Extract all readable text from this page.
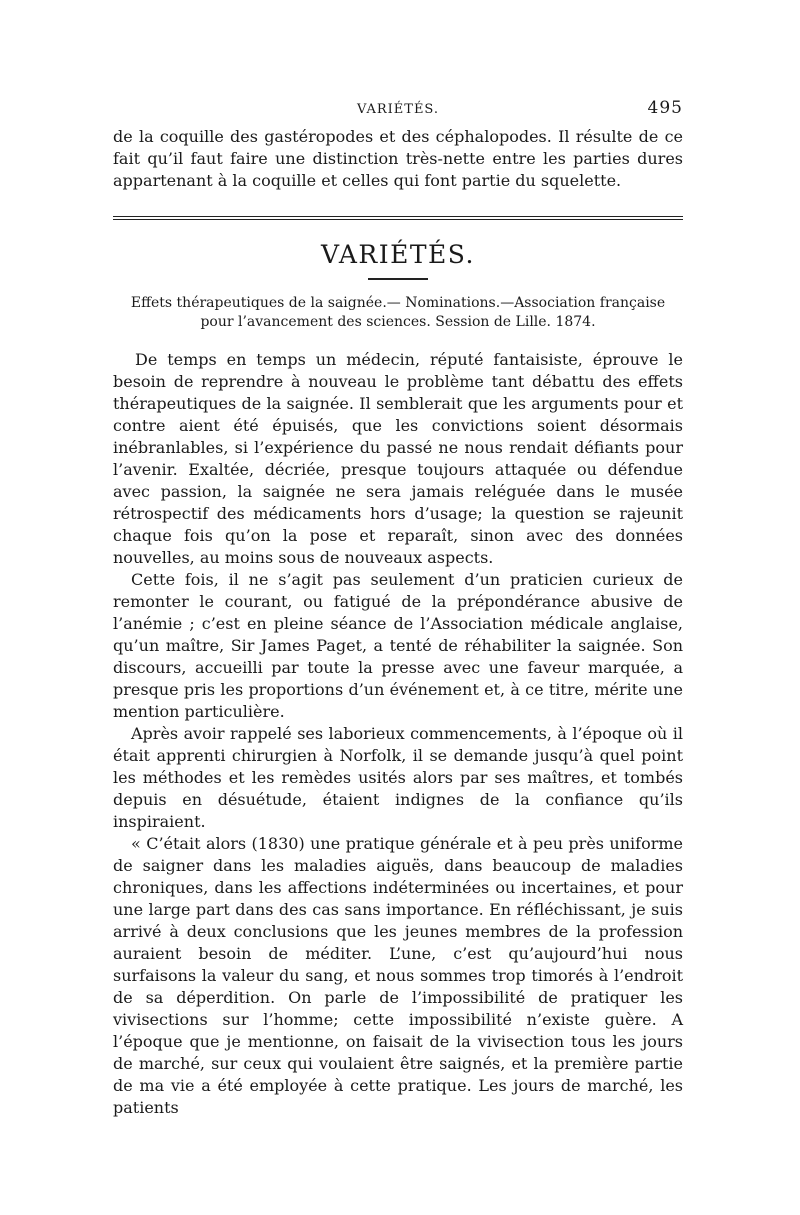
VARIÉTÉS.	495

de la coquille des gastéropodes et des céphalopodes. Il résulte de ce fait qu’il faut faire une distinction très-nette entre les parties dures appartenant à la coquille et celles qui font partie du squelette.

VARIÉTÉS.
Effets thérapeutiques de la saignée.— Nominations.—Association française pour l’avancement des sciences. Session de Lille. 1874.

De temps en temps un médecin, réputé fantaisiste, éprouve le besoin de reprendre à nouveau le problème tant débattu des effets thérapeutiques de la saignée. Il semblerait que les arguments pour et contre aient été épuisés, que les convictions soient désormais inébranlables, si l’expérience du passé ne nous rendait défiants pour l’avenir. Exaltée, décriée, presque toujours attaquée ou défendue avec passion, la saignée ne sera jamais reléguée dans le musée rétrospectif des médicaments hors d’usage; la question se rajeunit chaque fois qu’on la pose et reparaît, sinon avec des données nouvelles, au moins sous de nouveaux aspects.

Cette fois, il ne s’agit pas seulement d’un praticien curieux de remonter le courant, ou fatigué de la prépondérance abusive de l’anémie ; c’est en pleine séance de l’Association médicale anglaise, qu’un maître, Sir James Paget, a tenté de réhabiliter la saignée. Son discours, accueilli par toute la presse avec une faveur marquée, a presque pris les proportions d’un événement et, à ce titre, mérite une mention particulière.

Après avoir rappelé ses laborieux commencements, à l’époque où il était apprenti chirurgien à Norfolk, il se demande jusqu’à quel point les méthodes et les remèdes usités alors par ses maîtres, et tombés depuis en désuétude, étaient indignes de la confiance qu’ils inspiraient.

« C’était alors (1830) une pratique générale et à peu près uniforme de saigner dans les maladies aiguës, dans beaucoup de maladies chroniques, dans les affections indéterminées ou incertaines, et pour une large part dans des cas sans importance. En réfléchissant, je suis arrivé à deux conclusions que les jeunes membres de la profession auraient besoin de méditer. L’une, c’est qu’aujourd’hui nous surfaisons la valeur du sang, et nous sommes trop timorés à l’endroit de sa déperdition. On parle de l’impossibilité de pratiquer les vivisections sur l’homme; cette impossibilité n’existe guère. A l’époque que je mentionne, on faisait de la vivisection tous les jours de marché, sur ceux qui voulaient être saignés, et la première partie de ma vie a été employée à cette pratique. Les jours de marché, les patients
